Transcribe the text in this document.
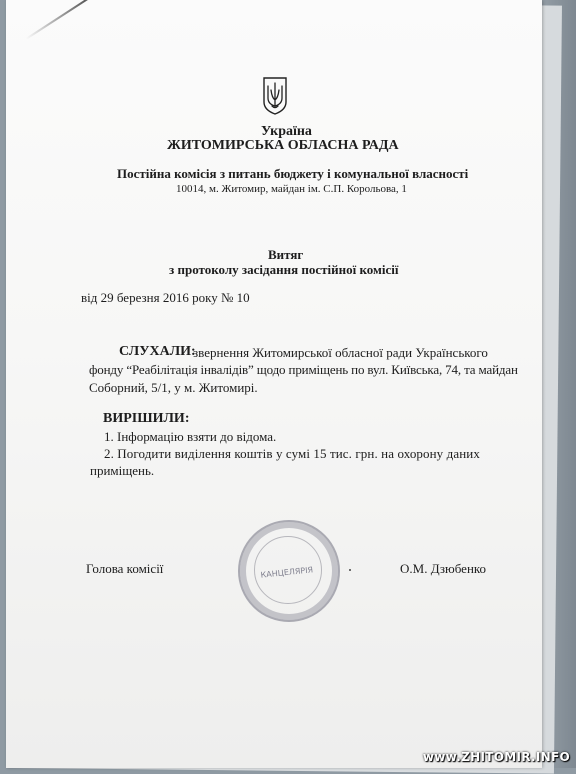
Україна
ЖИТОМИРСЬКА ОБЛАСНА РАДА
Постійна комісія з питань бюджету і комунальної власності
10014, м. Житомир, майдан ім. С.П. Корольова, 1
Витяг
з протоколу засідання постійної комісії
від 29 березня 2016 року № 10
СЛУХАЛИ:
звернення Житомирської обласної ради Українського
фонду “Реабілітація інвалідів” щодо приміщень по вул. Київська, 74, та майдан
Соборний, 5/1, у м. Житомирі.
ВИРІШИЛИ:
1. Інформацію взяти до відома.
2. Погодити виділення коштів у сумі 15 тис. грн. на охорону даних
приміщень.
КАНЦЕЛЯРІЯ
Голова комісії	О.М. Дзюбенко
www.ZHITOMIR.INFO
